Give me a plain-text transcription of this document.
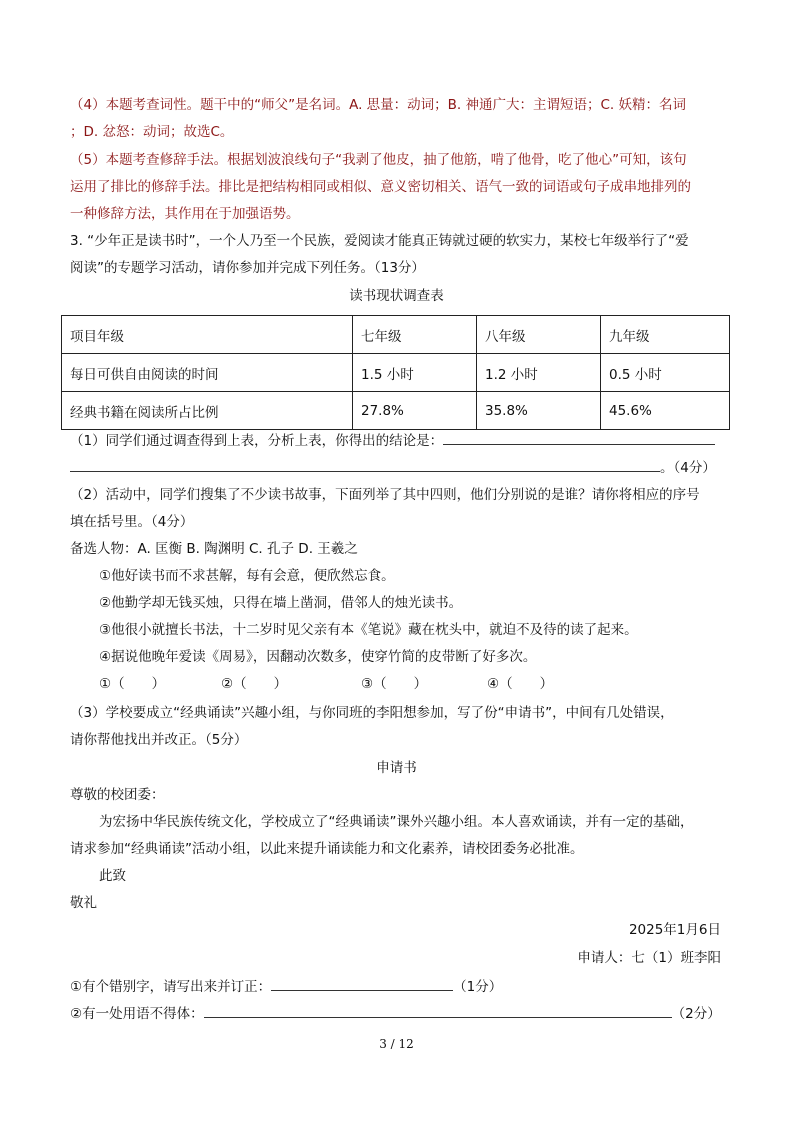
（4）本题考查词性。题干中的“师父”是名词。A. 思量：动词；B. 神通广大：主谓短语；C. 妖精：名词
；D. 忿怒：动词；故选C。
（5）本题考查修辞手法。根据划波浪线句子“我剥了他皮，抽了他筋，啃了他骨，吃了他心”可知，该句
运用了排比的修辞手法。排比是把结构相同或相似、意义密切相关、语气一致的词语或句子成串地排列的
一种修辞方法，其作用在于加强语势。
3. “少年正是读书时”，一个人乃至一个民族，爱阅读才能真正铸就过硬的软实力，某校七年级举行了“爱
阅读”的专题学习活动，请你参加并完成下列任务。（13分）
读书现状调查表
项目年级	七年级	八年级	九年级
每日可供自由阅读的时间	1.5 小时	1.2 小时	0.5 小时
经典书籍在阅读所占比例	27.8%	35.8%	45.6%
（1）同学们通过调查得到上表，分析上表，你得出的结论是：
。（4分）
（2）活动中，同学们搜集了不少读书故事，下面列举了其中四则，他们分别说的是谁？请你将相应的序号
填在括号里。（4分）
备选人物：A. 匡衡 B. 陶渊明 C. 孔子 D. 王羲之
①他好读书而不求甚解，每有会意，便欣然忘食。
②他勤学却无钱买烛，只得在墙上凿洞，借邻人的烛光读书。
③他很小就擅长书法，十二岁时见父亲有本《笔说》藏在枕头中，就迫不及待的读了起来。
④据说他晚年爱读《周易》，因翻动次数多，使穿竹简的皮带断了好多次。
①（　　）	②（　　）	③（　　）	④（　　）
（3）学校要成立“经典诵读”兴趣小组，与你同班的李阳想参加，写了份“申请书”，中间有几处错误，
请你帮他找出并改正。（5分）
申请书
尊敬的校团委：
为宏扬中华民族传统文化，学校成立了“经典诵读”课外兴趣小组。本人喜欢诵读，并有一定的基础，
请求参加“经典诵读”活动小组，以此来提升诵读能力和文化素养，请校团委务必批准。
此致
敬礼
2025年1月6日
申请人：七（1）班李阳
①有个错别字，请写出来并订正：	（1分）
②有一处用语不得体：	（2分）
3 / 12
